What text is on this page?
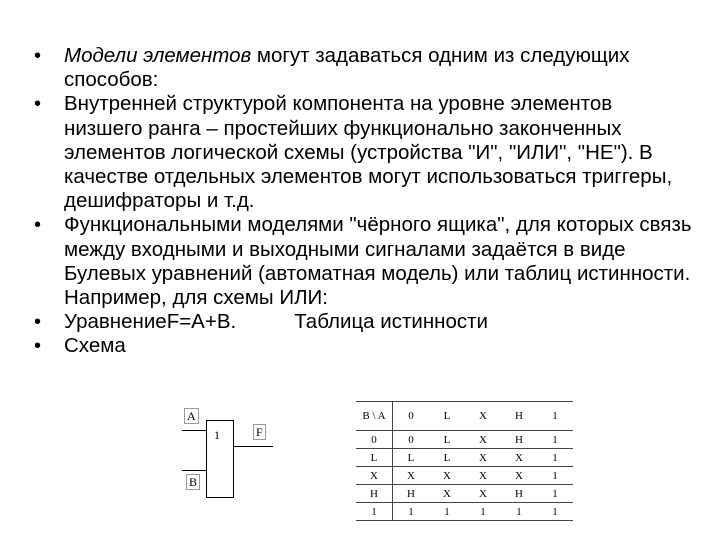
• Модели элементов могут задаваться одним из следующих способов:
• Внутренней структурой компонента на уровне элементов низшего ранга – простейших функционально законченных элементов логической схемы (устройства "И", "ИЛИ", "НЕ"). В качестве отдельных элементов могут использоваться триггеры, дешифраторы и т.д.
• Функциональными моделями "чёрного ящика", для которых связь между входными и выходными сигналами задаётся в виде Булевых уравнений (автоматная модель) или таблиц истинности. Например, для схемы ИЛИ:
• УравнениеF=A+B.	Таблица истинности
• Схема
1
A
B
F
B \ A	0	L	X	H	1
0	0	L	X	H	1
L	L	L	X	X	1
X	X	X	X	X	1
H	H	X	X	H	1
1	1	1	1	1	1
